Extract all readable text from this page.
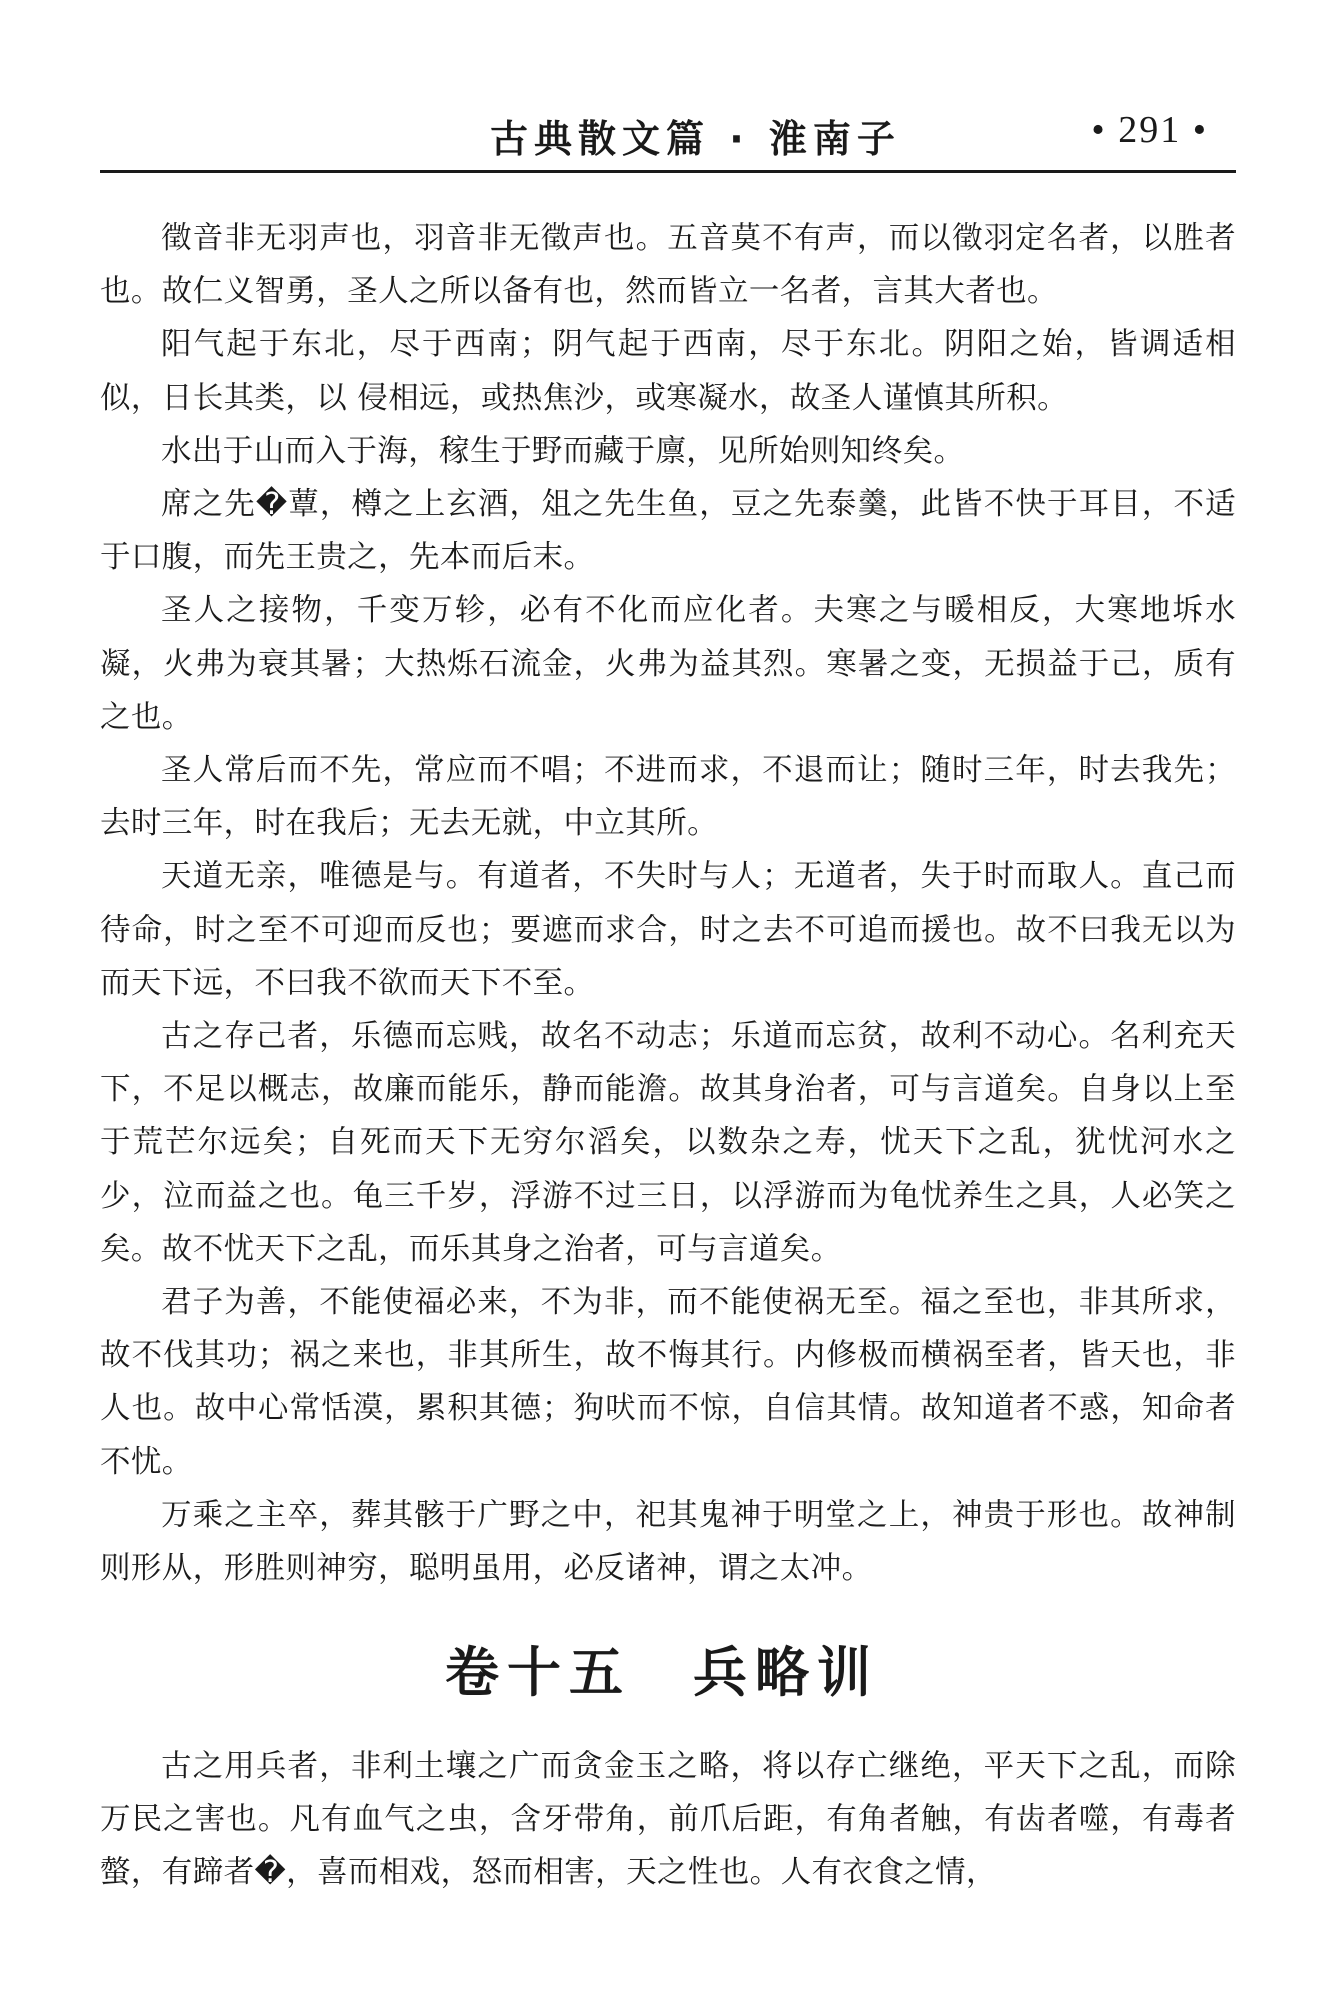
古典散文篇 · 淮南子	• 291 •

徵音非无羽声也，羽音非无徵声也。五音莫不有声，而以徵羽定名者，以胜者也。故仁义智勇，圣人之所以备有也，然而皆立一名者，言其大者也。

阳气起于东北，尽于西南；阴气起于西南，尽于东北。阴阳之始，皆调适相似，日长其类，以 侵相远，或热焦沙，或寒凝水，故圣人谨慎其所积。

水出于山而入于海，稼生于野而藏于廪，见所始则知终矣。

席之先�蕈，樽之上玄酒，俎之先生鱼，豆之先泰羹，此皆不快于耳目，不适于口腹，而先王贵之，先本而后末。

圣人之接物，千变万轸，必有不化而应化者。夫寒之与暖相反，大寒地坼水凝，火弗为衰其暑；大热烁石流金，火弗为益其烈。寒暑之变，无损益于己，质有之也。

圣人常后而不先，常应而不唱；不进而求，不退而让；随时三年，时去我先；去时三年，时在我后；无去无就，中立其所。

天道无亲，唯德是与。有道者，不失时与人；无道者，失于时而取人。直己而待命，时之至不可迎而反也；要遮而求合，时之去不可追而援也。故不曰我无以为而天下远，不曰我不欲而天下不至。

古之存己者，乐德而忘贱，故名不动志；乐道而忘贫，故利不动心。名利充天下，不足以概志，故廉而能乐，静而能澹。故其身治者，可与言道矣。自身以上至于荒芒尔远矣；自死而天下无穷尔滔矣，以数杂之寿，忧天下之乱，犹忧河水之少，泣而益之也。龟三千岁，浮游不过三日，以浮游而为龟忧养生之具，人必笑之矣。故不忧天下之乱，而乐其身之治者，可与言道矣。

君子为善，不能使福必来，不为非，而不能使祸无至。福之至也，非其所求，故不伐其功；祸之来也，非其所生，故不悔其行。内修极而横祸至者，皆天也，非人也。故中心常恬漠，累积其德；狗吠而不惊，自信其情。故知道者不惑，知命者不忧。

万乘之主卒，葬其骸于广野之中，祀其鬼神于明堂之上，神贵于形也。故神制则形从，形胜则神穷，聪明虽用，必反诸神，谓之太冲。

卷十五　兵略训

古之用兵者，非利土壤之广而贪金玉之略，将以存亡继绝，平天下之乱，而除万民之害也。凡有血气之虫，含牙带角，前爪后距，有角者触，有齿者噬，有毒者螫，有蹄者�，喜而相戏，怒而相害，天之性也。人有衣食之情，
